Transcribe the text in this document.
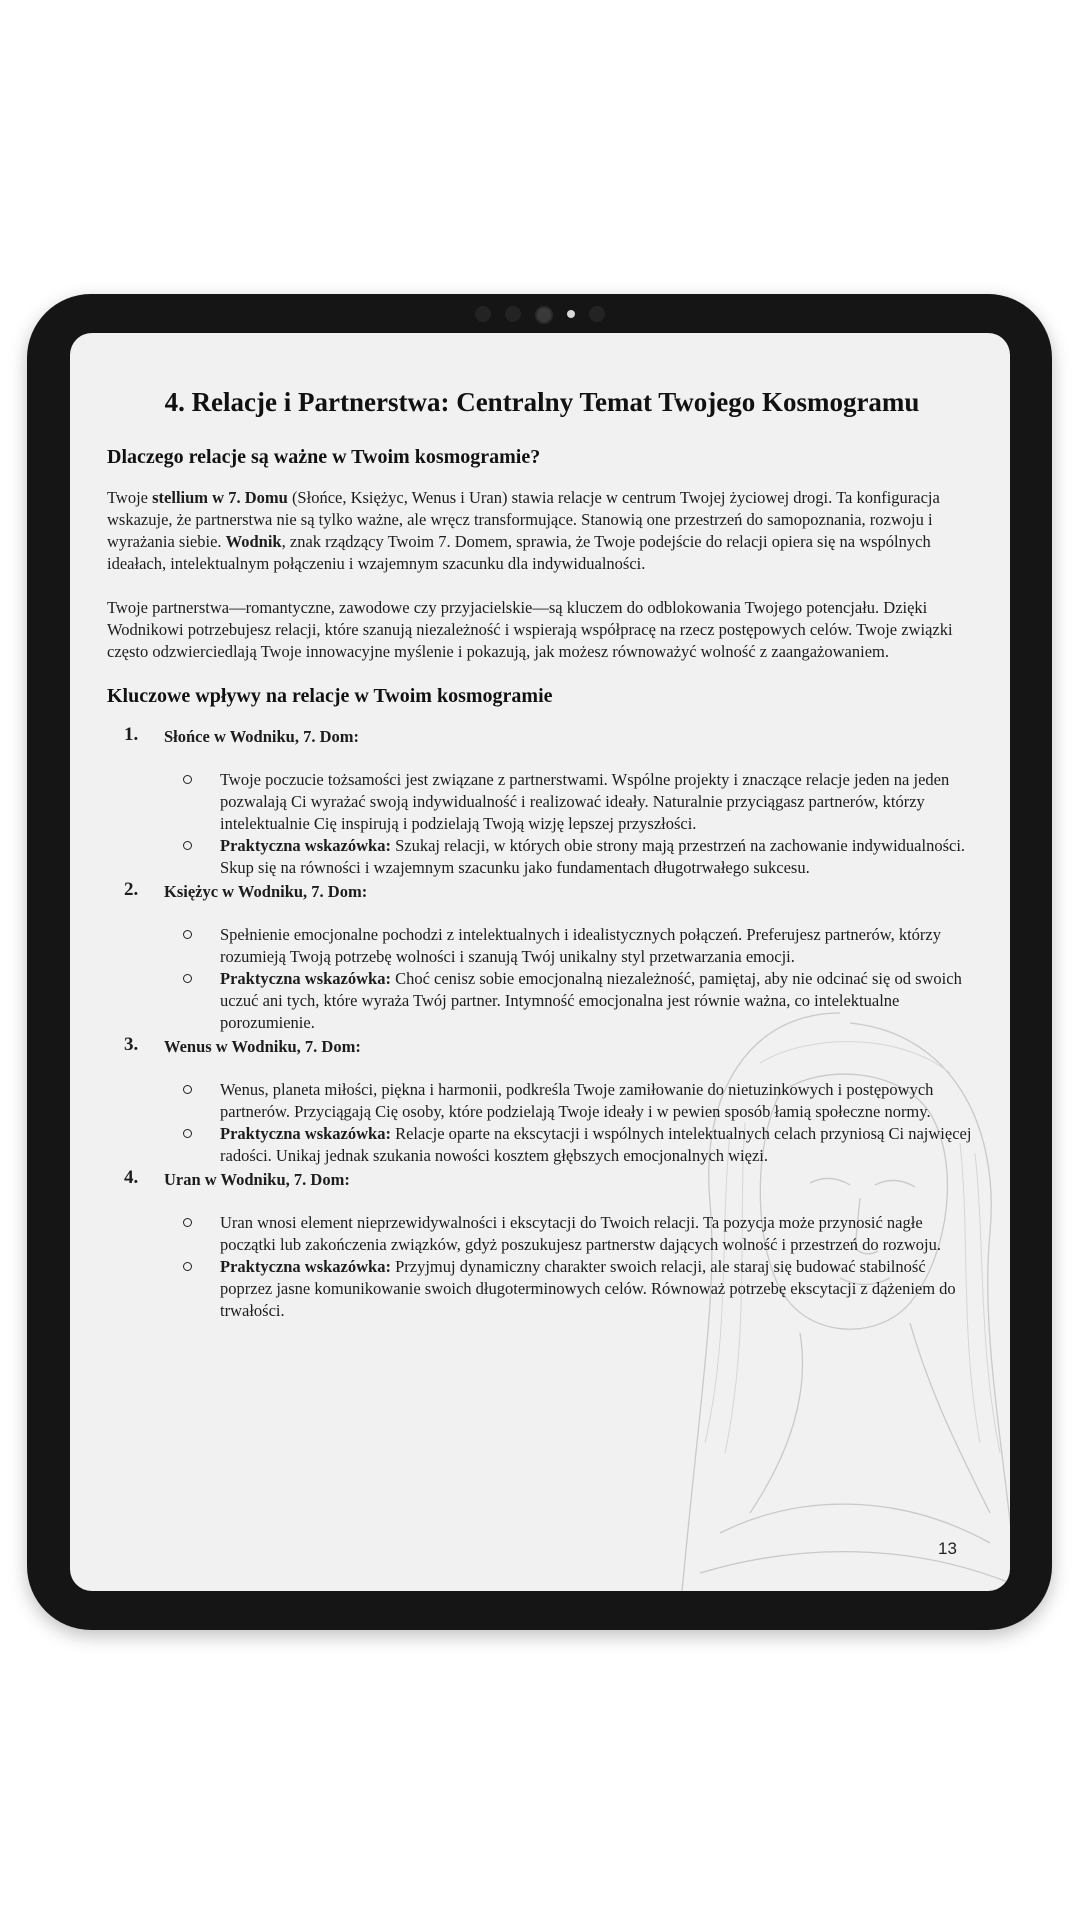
4. Relacje i Partnerstwa: Centralny Temat Twojego Kosmogramu
Dlaczego relacje są ważne w Twoim kosmogramie?

Twoje stellium w 7. Domu (Słońce, Księżyc, Wenus i Uran) stawia relacje w centrum Twojej życiowej drogi. Ta konfiguracja wskazuje, że partnerstwa nie są tylko ważne, ale wręcz transformujące. Stanowią one przestrzeń do samopoznania, rozwoju i wyrażania siebie. Wodnik, znak rządzący Twoim 7. Domem, sprawia, że Twoje podejście do relacji opiera się na wspólnych ideałach, intelektualnym połączeniu i wzajemnym szacunku dla indywidualności.

Twoje partnerstwa—romantyczne, zawodowe czy przyjacielskie—są kluczem do odblokowania Twojego potencjału. Dzięki Wodnikowi potrzebujesz relacji, które szanują niezależność i wspierają współpracę na rzecz postępowych celów. Twoje związki często odzwierciedlają Twoje innowacyjne myślenie i pokazują, jak możesz równoważyć wolność z zaangażowaniem.

Kluczowe wpływy na relacje w Twoim kosmogramie
1. Słońce w Wodniku, 7. Dom:
Twoje poczucie tożsamości jest związane z partnerstwami. Wspólne projekty i znaczące relacje jeden na jeden pozwalają Ci wyrażać swoją indywidualność i realizować ideały. Naturalnie przyciągasz partnerów, którzy intelektualnie Cię inspirują i podzielają Twoją wizję lepszej przyszłości.
Praktyczna wskazówka: Szukaj relacji, w których obie strony mają przestrzeń na zachowanie indywidualności. Skup się na równości i wzajemnym szacunku jako fundamentach długotrwałego sukcesu.
2. Księżyc w Wodniku, 7. Dom:
Spełnienie emocjonalne pochodzi z intelektualnych i idealistycznych połączeń. Preferujesz partnerów, którzy rozumieją Twoją potrzebę wolności i szanują Twój unikalny styl przetwarzania emocji.
Praktyczna wskazówka: Choć cenisz sobie emocjonalną niezależność, pamiętaj, aby nie odcinać się od swoich uczuć ani tych, które wyraża Twój partner. Intymność emocjonalna jest równie ważna, co intelektualne porozumienie.
3. Wenus w Wodniku, 7. Dom:
Wenus, planeta miłości, piękna i harmonii, podkreśla Twoje zamiłowanie do nietuzinkowych i postępowych partnerów. Przyciągają Cię osoby, które podzielają Twoje ideały i w pewien sposób łamią społeczne normy.
Praktyczna wskazówka: Relacje oparte na ekscytacji i wspólnych intelektualnych celach przyniosą Ci najwięcej radości. Unikaj jednak szukania nowości kosztem głębszych emocjonalnych więzi.
4. Uran w Wodniku, 7. Dom:
Uran wnosi element nieprzewidywalności i ekscytacji do Twoich relacji. Ta pozycja może przynosić nagłe początki lub zakończenia związków, gdyż poszukujesz partnerstw dających wolność i przestrzeń do rozwoju.
Praktyczna wskazówka: Przyjmuj dynamiczny charakter swoich relacji, ale staraj się budować stabilność poprzez jasne komunikowanie swoich długoterminowych celów. Równoważ potrzebę ekscytacji z dążeniem do trwałości.
13
